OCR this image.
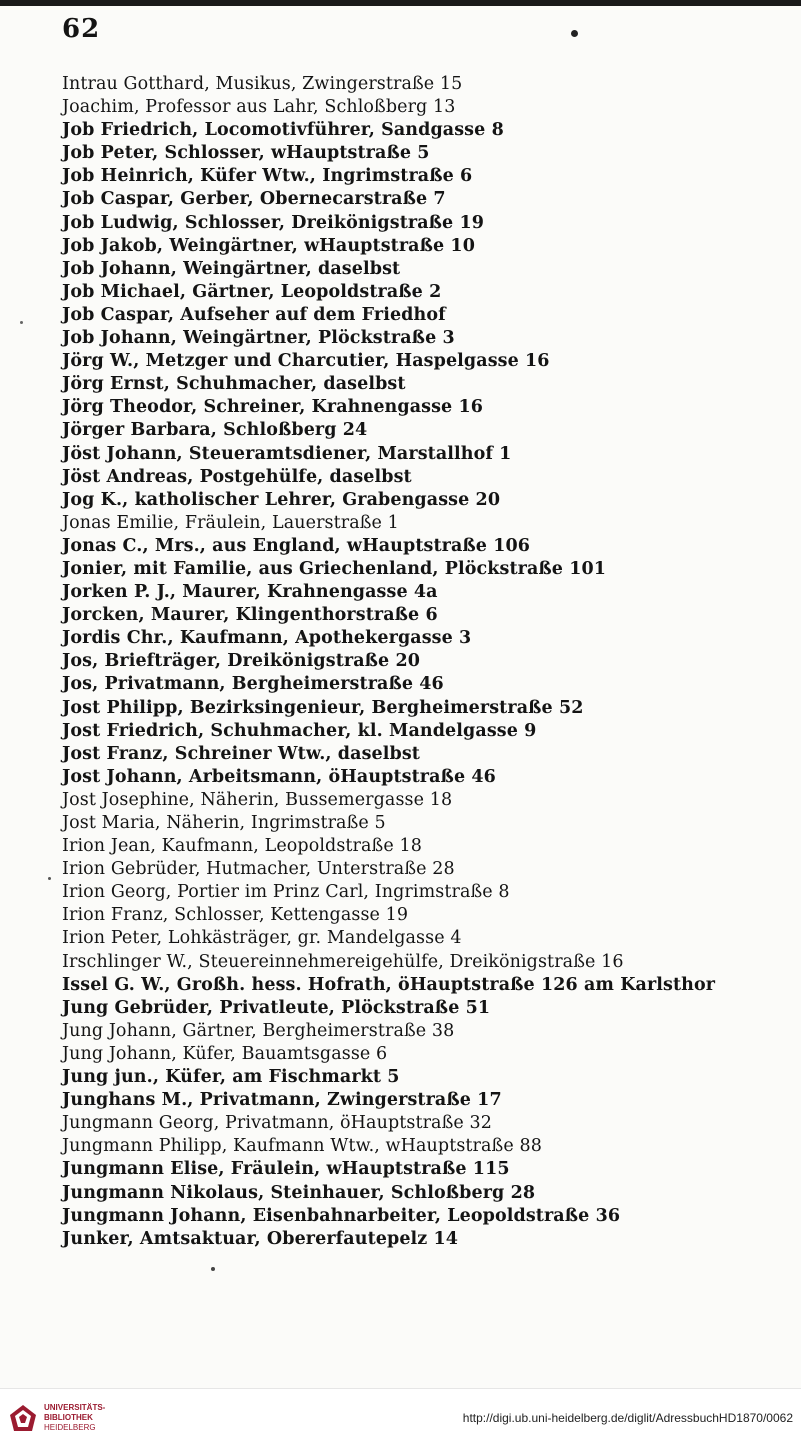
62
Intrau Gotthard, Musikus, Zwingerstraße 15
Joachim, Professor aus Lahr, Schloßberg 13
Job Friedrich, Locomotivführer, Sandgasse 8
Job Peter, Schlosser, wHauptstraße 5
Job Heinrich, Küfer Wtw., Ingrimstraße 6
Job Caspar, Gerber, Obernecarstraße 7
Job Ludwig, Schlosser, Dreikönigstraße 19
Job Jakob, Weingärtner, wHauptstraße 10
Job Johann, Weingärtner, daselbst
Job Michael, Gärtner, Leopoldstraße 2
Job Caspar, Aufseher auf dem Friedhof
Job Johann, Weingärtner, Plöckstraße 3
Jörg W., Metzger und Charcutier, Haspelgasse 16
Jörg Ernst, Schuhmacher, daselbst
Jörg Theodor, Schreiner, Krahnengasse 16
Jörger Barbara, Schloßberg 24
Jöst Johann, Steueramtsdiener, Marstallhof 1
Jöst Andreas, Postgehülfe, daselbst
Jog K., katholischer Lehrer, Grabengasse 20
Jonas Emilie, Fräulein, Lauerstraße 1
Jonas C., Mrs., aus England, wHauptstraße 106
Jonier, mit Familie, aus Griechenland, Plöckstraße 101
Jorken P. J., Maurer, Krahnengasse 4a
Jorcken, Maurer, Klingenthorstraße 6
Jordis Chr., Kaufmann, Apothekergasse 3
Jos, Briefträger, Dreikönigstraße 20
Jos, Privatmann, Bergheimerstraße 46
Jost Philipp, Bezirksingenieur, Bergheimerstraße 52
Jost Friedrich, Schuhmacher, kl. Mandelgasse 9
Jost Franz, Schreiner Wtw., daselbst
Jost Johann, Arbeitsmann, öHauptstraße 46
Jost Josephine, Näherin, Bussemergasse 18
Jost Maria, Näherin, Ingrimstraße 5
Irion Jean, Kaufmann, Leopoldstraße 18
Irion Gebrüder, Hutmacher, Unterstraße 28
Irion Georg, Portier im Prinz Carl, Ingrimstraße 8
Irion Franz, Schlosser, Kettengasse 19
Irion Peter, Lohkästräger, gr. Mandelgasse 4
Irschlinger W., Steuereinnehmereigehülfe, Dreikönigstraße 16
Issel G. W., Großh. hess. Hofrath, öHauptstraße 126 am Karlsthor
Jung Gebrüder, Privatleute, Plöckstraße 51
Jung Johann, Gärtner, Bergheimerstraße 38
Jung Johann, Küfer, Bauamtsgasse 6
Jung jun., Küfer, am Fischmarkt 5
Junghans M., Privatmann, Zwingerstraße 17
Jungmann Georg, Privatmann, öHauptstraße 32
Jungmann Philipp, Kaufmann Wtw., wHauptstraße 88
Jungmann Elise, Fräulein, wHauptstraße 115
Jungmann Nikolaus, Steinhauer, Schloßberg 28
Jungmann Johann, Eisenbahnarbeiter, Leopoldstraße 36
Junker, Amtsaktuar, Obererfautepelz 14

UNIVERSITÄTS-
BIBLIOTHEK
HEIDELBERG

http://digi.ub.uni-heidelberg.de/diglit/AdressbuchHD1870/0062
